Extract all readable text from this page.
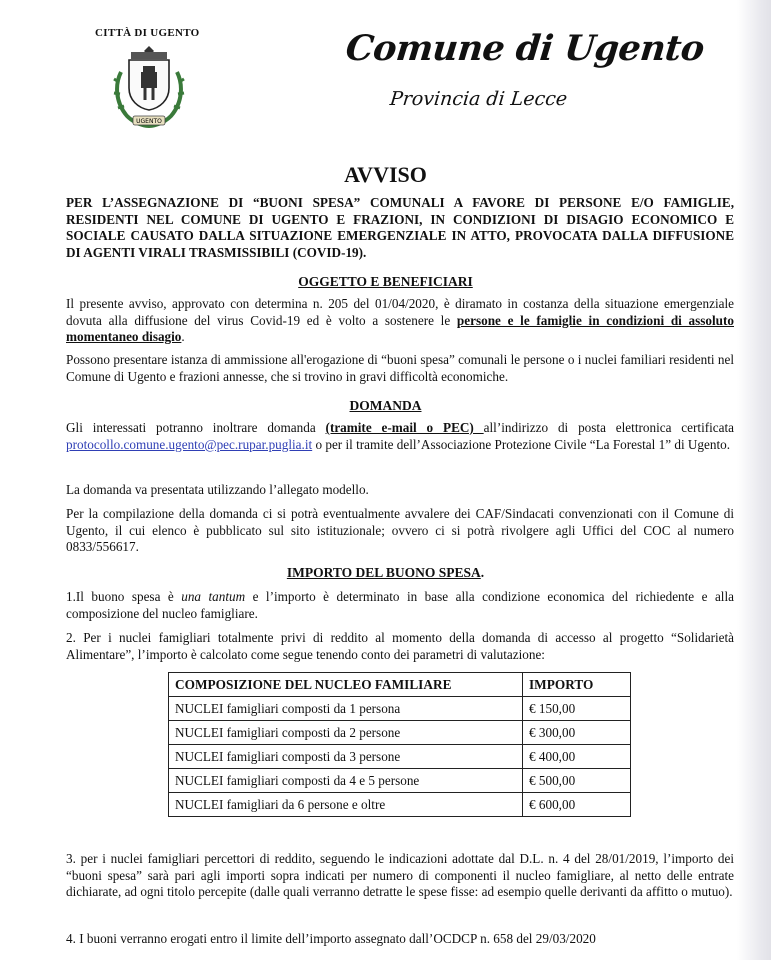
CITTÀ DI UGENTO
UGENTO
Comune di Ugento
Provincia di Lecce
AVVISO
PER L’ASSEGNAZIONE DI “BUONI SPESA” COMUNALI A FAVORE DI PERSONE E/O FAMIGLIE, RESIDENTI NEL COMUNE DI UGENTO E FRAZIONI, IN CONDIZIONI DI DISAGIO ECONOMICO E SOCIALE CAUSATO DALLA SITUAZIONE EMERGENZIALE IN ATTO, PROVOCATA DALLA DIFFUSIONE DI AGENTI VIRALI TRASMISSIBILI (COVID-19).
OGGETTO E BENEFICIARI
Il presente avviso, approvato con determina n. 205 del 01/04/2020, è diramato in costanza della situazione emergenziale dovuta alla diffusione del virus Covid-19 ed è volto a sostenere le persone e le famiglie in condizioni di assoluto momentaneo disagio.
Possono presentare istanza di ammissione all'erogazione di “buoni spesa” comunali le persone o i nuclei familiari residenti nel Comune di Ugento e frazioni annesse, che si trovino in gravi difficoltà economiche.
DOMANDA
Gli interessati potranno inoltrare domanda (tramite e-mail o PEC) all’indirizzo di posta elettronica certificata protocollo.comune.ugento@pec.rupar.puglia.it o per il tramite dell’Associazione Protezione Civile “La Forestal 1” di Ugento.
La domanda va presentata utilizzando l’allegato modello.
Per la compilazione della domanda ci si potrà eventualmente avvalere dei CAF/Sindacati convenzionati con il Comune di Ugento, il cui elenco è pubblicato sul sito istituzionale; ovvero ci si potrà rivolgere agli Uffici del COC al numero 0833/556617.
IMPORTO DEL BUONO SPESA.
1.Il buono spesa è una tantum e l’importo è determinato in base alla condizione economica del richiedente e alla composizione del nucleo famigliare.
2. Per i nuclei famigliari totalmente privi di reddito al momento della domanda di accesso al progetto “Solidarietà Alimentare”, l’importo è calcolato come segue tenendo conto dei parametri di valutazione:
COMPOSIZIONE DEL NUCLEO FAMILIARE	IMPORTO
NUCLEI famigliari composti da 1 persona	€ 150,00
NUCLEI famigliari composti da 2 persone	€ 300,00
NUCLEI famigliari composti da 3 persone	€ 400,00
NUCLEI famigliari composti da 4 e 5 persone	€ 500,00
NUCLEI famigliari da 6 persone e oltre	€ 600,00
3. per i nuclei famigliari percettori di reddito, seguendo le indicazioni adottate dal D.L. n. 4 del 28/01/2019, l’importo dei “buoni spesa” sarà pari agli importi sopra indicati per numero di componenti il nucleo famigliare, al netto delle entrate dichiarate, ad ogni titolo percepite (dalle quali verranno detratte le spese fisse: ad esempio quelle derivanti da affitto o mutuo).
4. I buoni verranno erogati entro il limite dell’importo assegnato dall’OCDCP n. 658 del 29/03/2020
